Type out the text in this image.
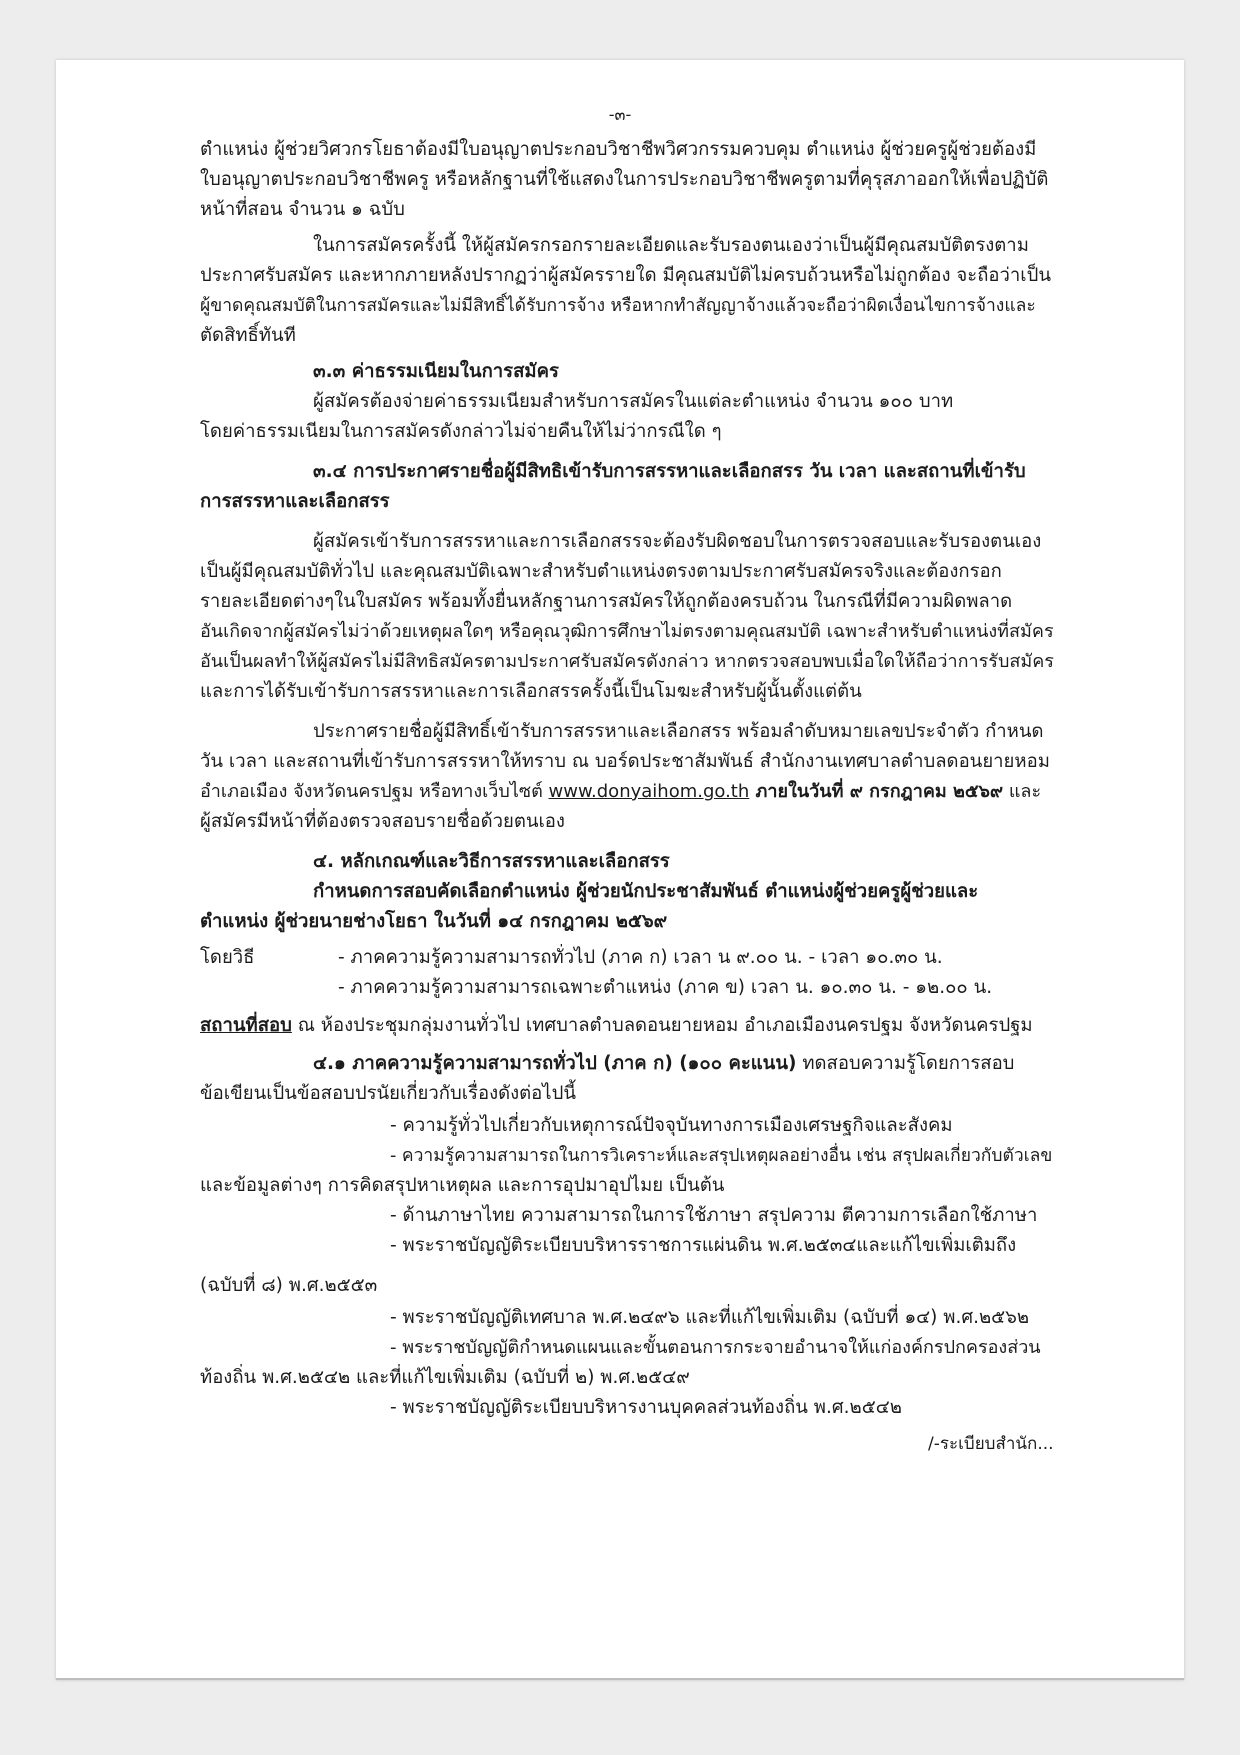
-๓-
ตำแหน่ง ผู้ช่วยวิศวกรโยธาต้องมีใบอนุญาตประกอบวิชาชีพวิศวกรรมควบคุม ตำแหน่ง ผู้ช่วยครูผู้ช่วยต้องมี
ใบอนุญาตประกอบวิชาชีพครู หรือหลักฐานที่ใช้แสดงในการประกอบวิชาชีพครูตามที่คุรุสภาออกให้เพื่อปฏิบัติ
หน้าที่สอน จำนวน ๑ ฉบับ
ในการสมัครครั้งนี้ ให้ผู้สมัครกรอกรายละเอียดและรับรองตนเองว่าเป็นผู้มีคุณสมบัติตรงตาม
ประกาศรับสมัคร และหากภายหลังปรากฏว่าผู้สมัครรายใด มีคุณสมบัติไม่ครบถ้วนหรือไม่ถูกต้อง จะถือว่าเป็น
ผู้ขาดคุณสมบัติในการสมัครและไม่มีสิทธิ์ได้รับการจ้าง หรือหากทำสัญญาจ้างแล้วจะถือว่าผิดเงื่อนไขการจ้างและ
ตัดสิทธิ์ทันที
๓.๓ ค่าธรรมเนียมในการสมัคร
ผู้สมัครต้องจ่ายค่าธรรมเนียมสำหรับการสมัครในแต่ละตำแหน่ง จำนวน ๑๐๐ บาท
โดยค่าธรรมเนียมในการสมัครดังกล่าวไม่จ่ายคืนให้ไม่ว่ากรณีใด ๆ
๓.๔ การประกาศรายชื่อผู้มีสิทธิเข้ารับการสรรหาและเลือกสรร วัน เวลา และสถานที่เข้ารับ
การสรรหาและเลือกสรร
ผู้สมัครเข้ารับการสรรหาและการเลือกสรรจะต้องรับผิดชอบในการตรวจสอบและรับรองตนเอง
เป็นผู้มีคุณสมบัติทั่วไป และคุณสมบัติเฉพาะสำหรับตำแหน่งตรงตามประกาศรับสมัครจริงและต้องกรอก
รายละเอียดต่างๆในใบสมัคร พร้อมทั้งยื่นหลักฐานการสมัครให้ถูกต้องครบถ้วน ในกรณีที่มีความผิดพลาด
อันเกิดจากผู้สมัครไม่ว่าด้วยเหตุผลใดๆ หรือคุณวุฒิการศึกษาไม่ตรงตามคุณสมบัติ เฉพาะสำหรับตำแหน่งที่สมัคร
อันเป็นผลทำให้ผู้สมัครไม่มีสิทธิสมัครตามประกาศรับสมัครดังกล่าว หากตรวจสอบพบเมื่อใดให้ถือว่าการรับสมัคร
และการได้รับเข้ารับการสรรหาและการเลือกสรรครั้งนี้เป็นโมฆะสำหรับผู้นั้นตั้งแต่ต้น
ประกาศรายชื่อผู้มีสิทธิ์เข้ารับการสรรหาและเลือกสรร พร้อมลำดับหมายเลขประจำตัว กำหนด
วัน เวลา และสถานที่เข้ารับการสรรหาให้ทราบ ณ บอร์ดประชาสัมพันธ์ สำนักงานเทศบาลตำบลดอนยายหอม
อำเภอเมือง จังหวัดนครปฐม หรือทางเว็บไซต์ www.donyaihom.go.th ภายในวันที่ ๙ กรกฎาคม ๒๕๖๙ และ
ผู้สมัครมีหน้าที่ต้องตรวจสอบรายชื่อด้วยตนเอง
๔. หลักเกณฑ์และวิธีการสรรหาและเลือกสรร
กำหนดการสอบคัดเลือกตำแหน่ง ผู้ช่วยนักประชาสัมพันธ์ ตำแหน่งผู้ช่วยครูผู้ช่วยและ
ตำแหน่ง ผู้ช่วยนายช่างโยธา ในวันที่ ๑๔ กรกฎาคม ๒๕๖๙
โดยวิธี	- ภาคความรู้ความสามารถทั่วไป (ภาค ก) เวลา น ๙.๐๐ น. - เวลา ๑๐.๓๐ น.
- ภาคความรู้ความสามารถเฉพาะตำแหน่ง (ภาค ข) เวลา น. ๑๐.๓๐ น. - ๑๒.๐๐ น.
สถานที่สอบ ณ ห้องประชุมกลุ่มงานทั่วไป เทศบาลตำบลดอนยายหอม อำเภอเมืองนครปฐม จังหวัดนครปฐม
๔.๑ ภาคความรู้ความสามารถทั่วไป (ภาค ก) (๑๐๐ คะแนน) ทดสอบความรู้โดยการสอบ
ข้อเขียนเป็นข้อสอบปรนัยเกี่ยวกับเรื่องดังต่อไปนี้
- ความรู้ทั่วไปเกี่ยวกับเหตุการณ์ปัจจุบันทางการเมืองเศรษฐกิจและสังคม
- ความรู้ความสามารถในการวิเคราะห์และสรุปเหตุผลอย่างอื่น เช่น สรุปผลเกี่ยวกับตัวเลข
และข้อมูลต่างๆ การคิดสรุปหาเหตุผล และการอุปมาอุปไมย เป็นต้น
- ด้านภาษาไทย ความสามารถในการใช้ภาษา สรุปความ ตีความการเลือกใช้ภาษา
- พระราชบัญญัติระเบียบบริหารราชการแผ่นดิน พ.ศ.๒๕๓๔และแก้ไขเพิ่มเติมถึง
(ฉบับที่ ๘) พ.ศ.๒๕๕๓
- พระราชบัญญัติเทศบาล พ.ศ.๒๔๙๖ และที่แก้ไขเพิ่มเติม (ฉบับที่ ๑๔) พ.ศ.๒๕๖๒
- พระราชบัญญัติกำหนดแผนและขั้นตอนการกระจายอำนาจให้แก่องค์กรปกครองส่วน
ท้องถิ่น พ.ศ.๒๕๔๒ และที่แก้ไขเพิ่มเติม (ฉบับที่ ๒) พ.ศ.๒๕๔๙
- พระราชบัญญัติระเบียบบริหารงานบุคคลส่วนท้องถิ่น พ.ศ.๒๕๔๒
/-ระเบียบสำนัก...
